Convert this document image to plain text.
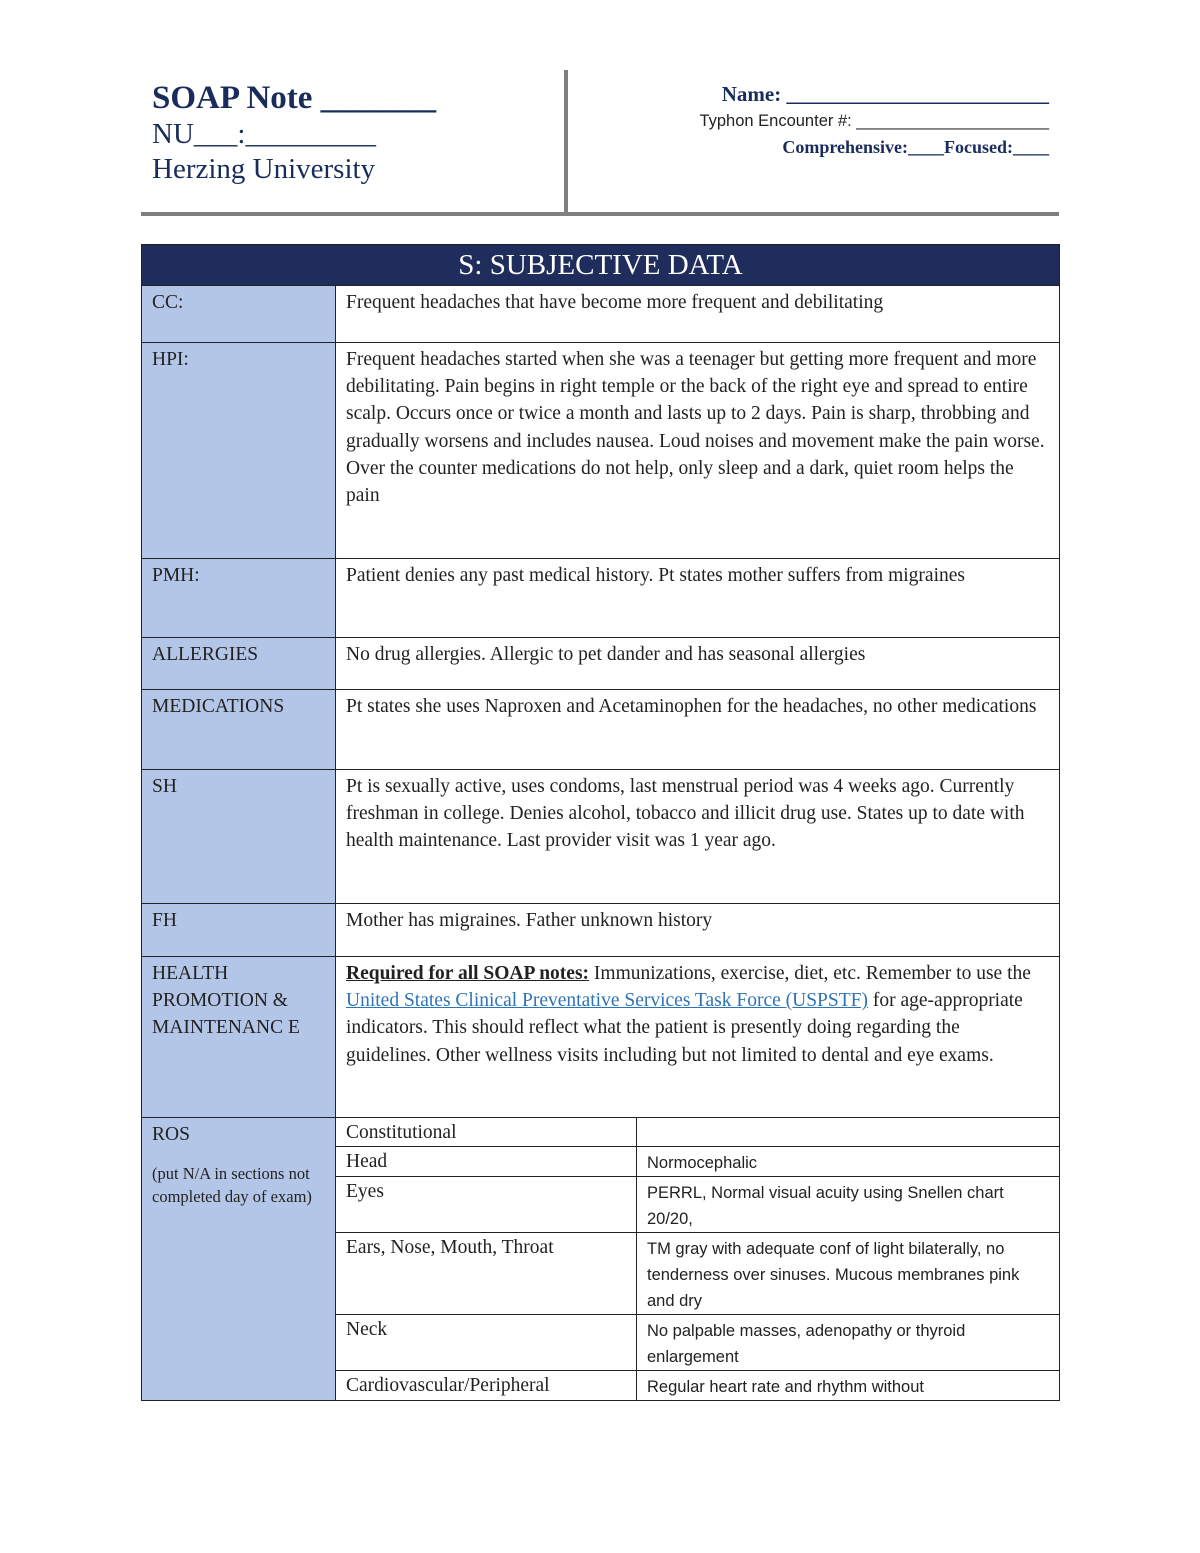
SOAP Note _______
NU___:_________
Herzing University
Name: _________________________
Typhon Encounter #: _____________________
Comprehensive:____Focused:____
S: SUBJECTIVE DATA
CC:	Frequent headaches that have become more frequent and debilitating
HPI:	Frequent headaches started when she was a teenager but getting more frequent and more debilitating. Pain begins in right temple or the back of the right eye and spread to entire scalp. Occurs once or twice a month and lasts up to 2 days. Pain is sharp, throbbing and gradually worsens and includes nausea. Loud noises and movement make the pain worse. Over the counter medications do not help, only sleep and a dark, quiet room helps the pain
PMH:	Patient denies any past medical history. Pt states mother suffers from migraines
ALLERGIES	No drug allergies. Allergic to pet dander and has seasonal allergies
MEDICATIONS	Pt states she uses Naproxen and Acetaminophen for the headaches, no other medications
SH	Pt is sexually active, uses condoms, last menstrual period was 4 weeks ago. Currently freshman in college. Denies alcohol, tobacco and illicit drug use. States up to date with health maintenance. Last provider visit was 1 year ago.
FH	Mother has migraines. Father unknown history
HEALTH PROMOTION & MAINTENANC E	Required for all SOAP notes: Immunizations, exercise, diet, etc. Remember to use the United States Clinical Preventative Services Task Force (USPSTF) for age-appropriate indicators. This should reflect what the patient is presently doing regarding the guidelines. Other wellness visits including but not limited to dental and eye exams.

ROS
(put N/A in sections not completed day of exam)

Constitutional	
Head	Normocephalic
Eyes	PERRL, Normal visual acuity using Snellen chart 20/20,
Ears, Nose, Mouth, Throat	TM gray with adequate conf of light bilaterally, no tenderness over sinuses. Mucous membranes pink and dry
Neck	No palpable masses, adenopathy or thyroid enlargement
Cardiovascular/Peripheral	Regular heart rate and rhythm without
